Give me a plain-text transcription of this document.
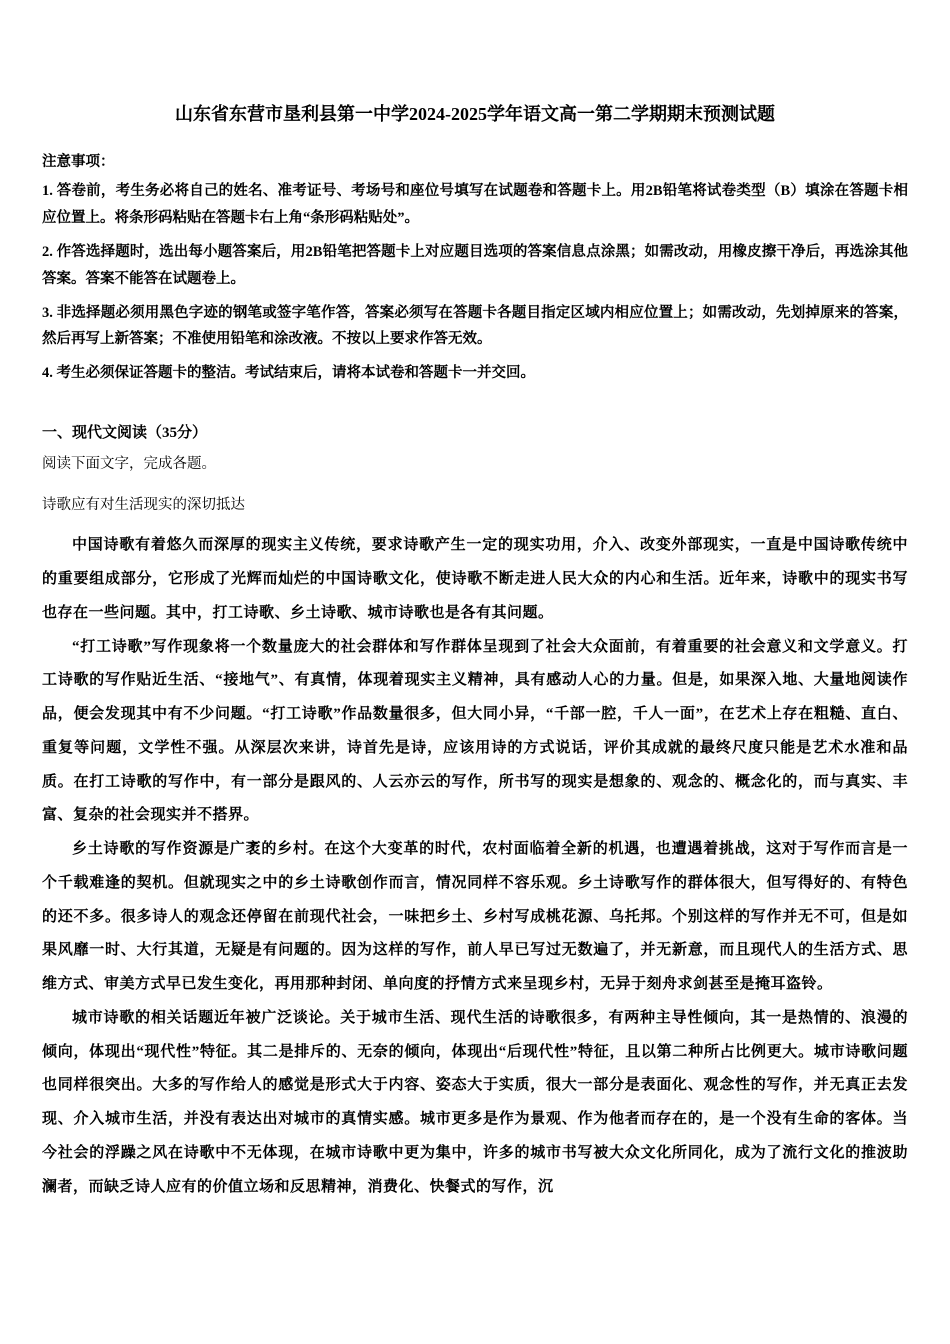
山东省东营市垦利县第一中学2024-2025学年语文高一第二学期期末预测试题

注意事项：

1. 答卷前，考生务必将自己的姓名、准考证号、考场号和座位号填写在试题卷和答题卡上。用2B铅笔将试卷类型（B）填涂在答题卡相应位置上。将条形码粘贴在答题卡右上角“条形码粘贴处”。

2. 作答选择题时，选出每小题答案后，用2B铅笔把答题卡上对应题目选项的答案信息点涂黑；如需改动，用橡皮擦干净后，再选涂其他答案。答案不能答在试题卷上。

3. 非选择题必须用黑色字迹的钢笔或签字笔作答，答案必须写在答题卡各题目指定区域内相应位置上；如需改动，先划掉原来的答案，然后再写上新答案；不准使用铅笔和涂改液。不按以上要求作答无效。

4. 考生必须保证答题卡的整洁。考试结束后，请将本试卷和答题卡一并交回。

一、现代文阅读（35分）

阅读下面文字，完成各题。

诗歌应有对生活现实的深切抵达

中国诗歌有着悠久而深厚的现实主义传统，要求诗歌产生一定的现实功用，介入、改变外部现实，一直是中国诗歌传统中的重要组成部分，它形成了光辉而灿烂的中国诗歌文化，使诗歌不断走进人民大众的内心和生活。近年来，诗歌中的现实书写也存在一些问题。其中，打工诗歌、乡土诗歌、城市诗歌也是各有其问题。

“打工诗歌”写作现象将一个数量庞大的社会群体和写作群体呈现到了社会大众面前，有着重要的社会意义和文学意义。打工诗歌的写作贴近生活、“接地气”、有真情，体现着现实主义精神，具有感动人心的力量。但是，如果深入地、大量地阅读作品，便会发现其中有不少问题。“打工诗歌”作品数量很多，但大同小异，“千部一腔，千人一面”，在艺术上存在粗糙、直白、重复等问题，文学性不强。从深层次来讲，诗首先是诗，应该用诗的方式说话，评价其成就的最终尺度只能是艺术水准和品质。在打工诗歌的写作中，有一部分是跟风的、人云亦云的写作，所书写的现实是想象的、观念的、概念化的，而与真实、丰富、复杂的社会现实并不搭界。

乡土诗歌的写作资源是广袤的乡村。在这个大变革的时代，农村面临着全新的机遇，也遭遇着挑战，这对于写作而言是一个千载难逢的契机。但就现实之中的乡土诗歌创作而言，情况同样不容乐观。乡土诗歌写作的群体很大，但写得好的、有特色的还不多。很多诗人的观念还停留在前现代社会，一味把乡土、乡村写成桃花源、乌托邦。个别这样的写作并无不可，但是如果风靡一时、大行其道，无疑是有问题的。因为这样的写作，前人早已写过无数遍了，并无新意，而且现代人的生活方式、思维方式、审美方式早已发生变化，再用那种封闭、单向度的抒情方式来呈现乡村，无异于刻舟求剑甚至是掩耳盗铃。

城市诗歌的相关话题近年被广泛谈论。关于城市生活、现代生活的诗歌很多，有两种主导性倾向，其一是热情的、浪漫的倾向，体现出“现代性”特征。其二是排斥的、无奈的倾向，体现出“后现代性”特征，且以第二种所占比例更大。城市诗歌问题也同样很突出。大多的写作给人的感觉是形式大于内容、姿态大于实质，很大一部分是表面化、观念性的写作，并无真正去发现、介入城市生活，并没有表达出对城市的真情实感。城市更多是作为景观、作为他者而存在的，是一个没有生命的客体。当今社会的浮躁之风在诗歌中不无体现，在城市诗歌中更为集中，许多的城市书写被大众文化所同化，成为了流行文化的推波助澜者，而缺乏诗人应有的价值立场和反思精神，消费化、快餐式的写作，沉
